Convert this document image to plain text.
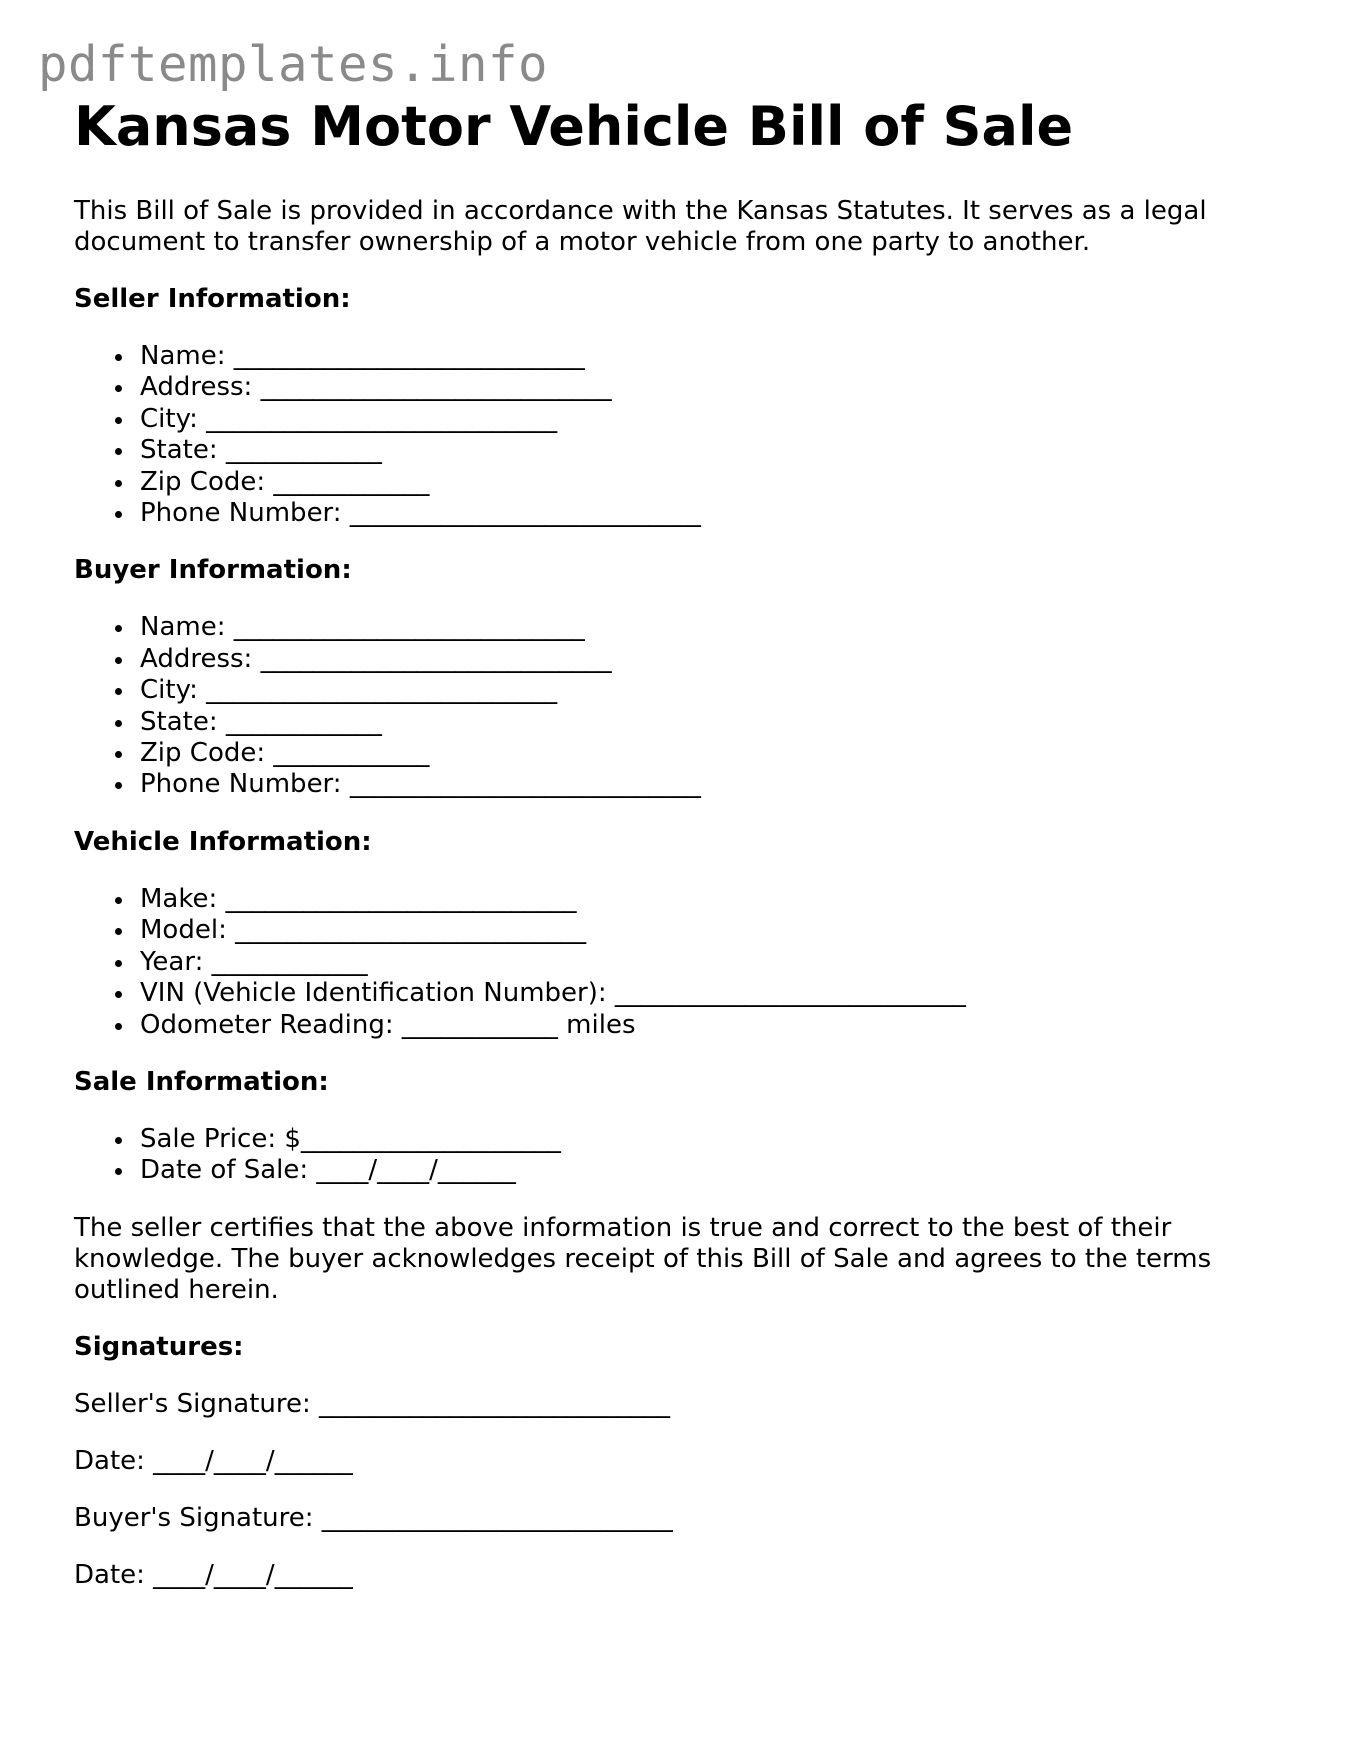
pdftemplates.info
Kansas Motor Vehicle Bill of Sale

This Bill of Sale is provided in accordance with the Kansas Statutes. It serves as a legal document to transfer ownership of a motor vehicle from one party to another.

Seller Information:
Name: ___________________________
Address: ___________________________
City: ___________________________
State: ____________
Zip Code: ____________
Phone Number: ___________________________
Buyer Information:
Name: ___________________________
Address: ___________________________
City: ___________________________
State: ____________
Zip Code: ____________
Phone Number: ___________________________
Vehicle Information:
Make: ___________________________
Model: ___________________________
Year: ____________
VIN (Vehicle Identification Number): ___________________________
Odometer Reading: ____________ miles
Sale Information:
Sale Price: $____________________
Date of Sale: ____/____/______

The seller certifies that the above information is true and correct to the best of their knowledge. The buyer acknowledges receipt of this Bill of Sale and agrees to the terms outlined herein.

Signatures:
Seller's Signature: ___________________________
Date: ____/____/______
Buyer's Signature: ___________________________
Date: ____/____/______
